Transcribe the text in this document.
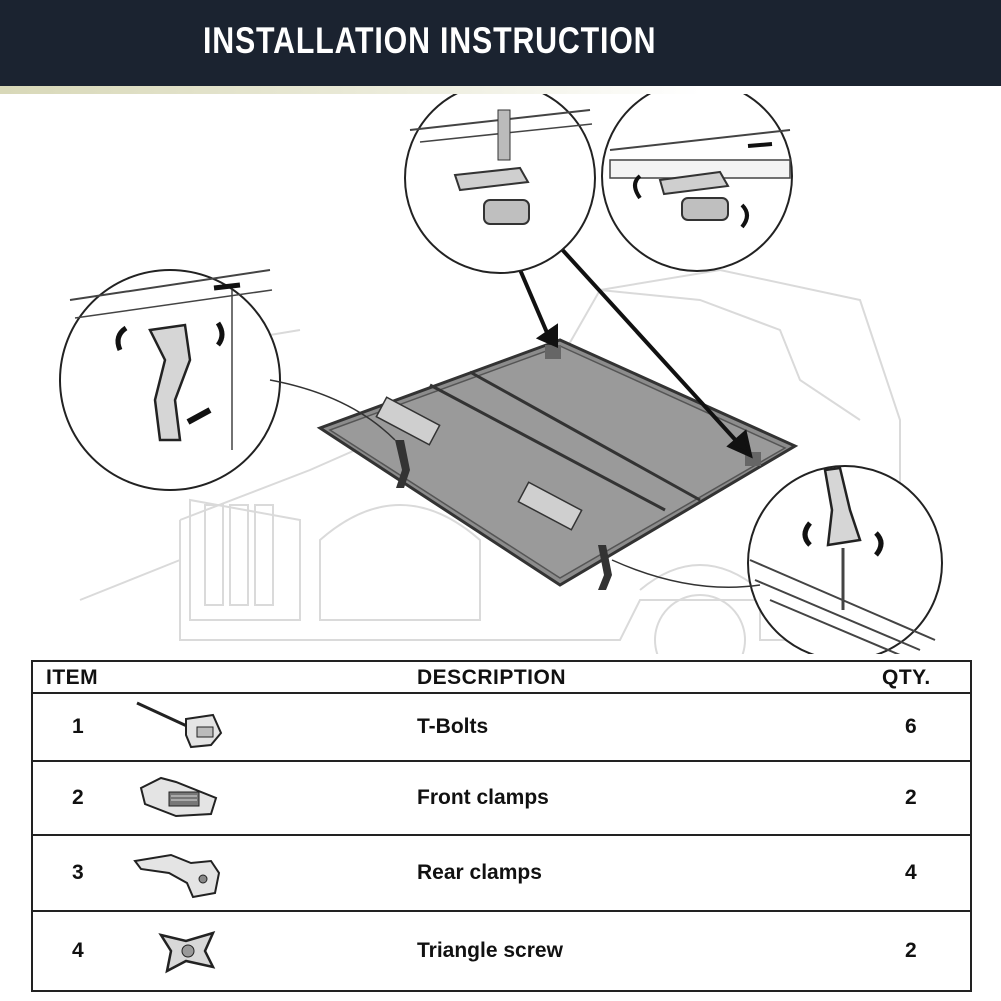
INSTALLATION INSTRUCTION
ITEM	DESCRIPTION	QTY.

1	T-Bolts	6

2	Front clamps	2

3	Rear clamps	4

4	Triangle screw	2
